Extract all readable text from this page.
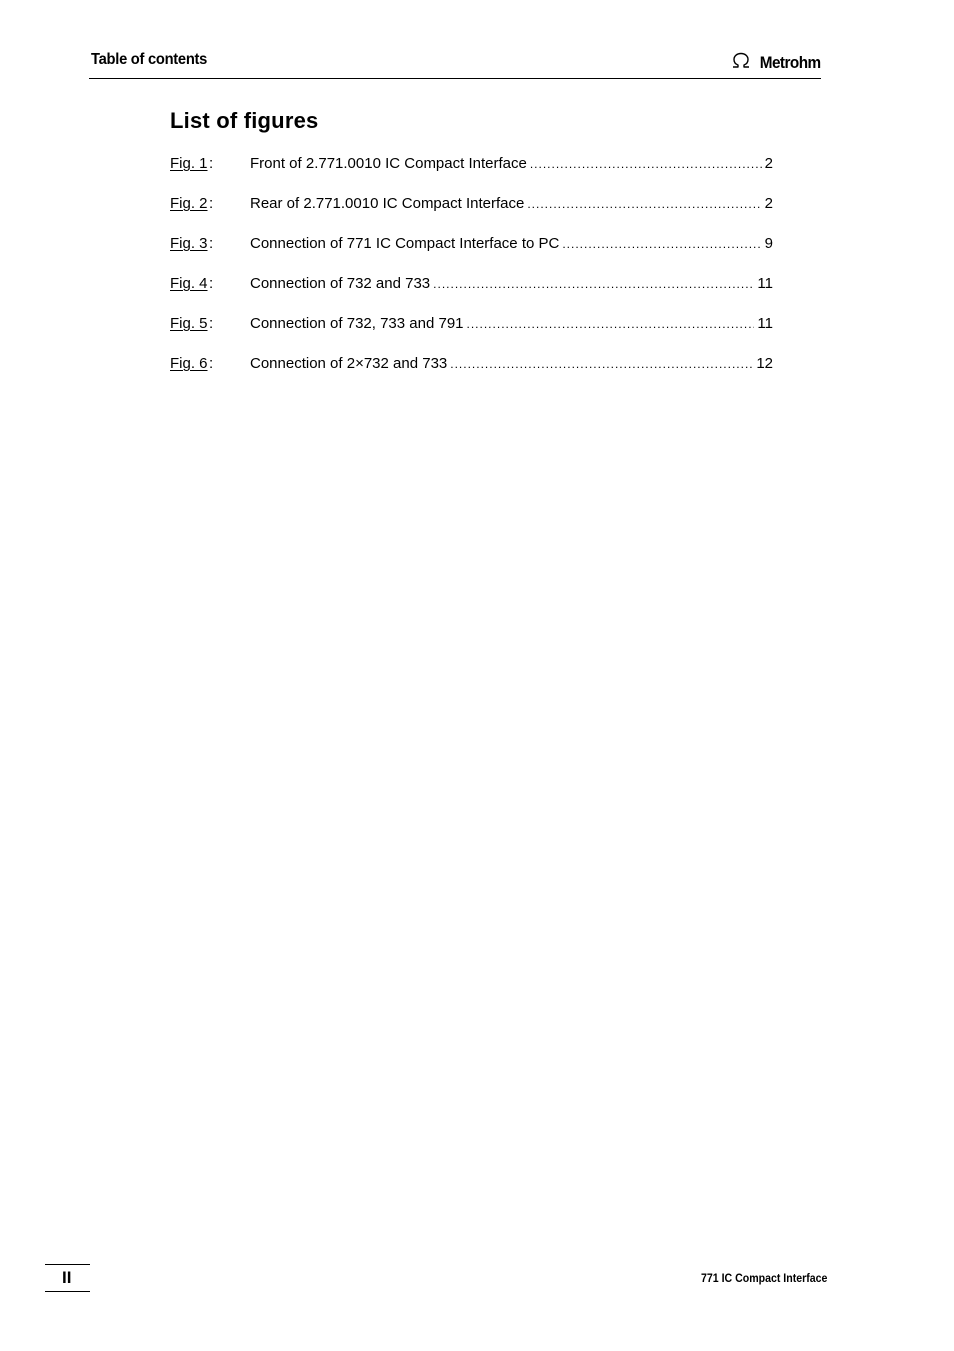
Table of contents	Metrohm
List of figures
Fig. 1 : Front of 2.771.0010 IC Compact Interface .....	2
Fig. 2 : Rear of 2.771.0010 IC Compact Interface .....	2
Fig. 3 : Connection of 771 IC Compact Interface to PC .....	9
Fig. 4 : Connection of 732 and 733 .....	11
Fig. 5 : Connection of 732, 733 and 791 .....	11
Fig. 6 : Connection of 2×732 and 733 .....	12
II	771 IC Compact Interface
